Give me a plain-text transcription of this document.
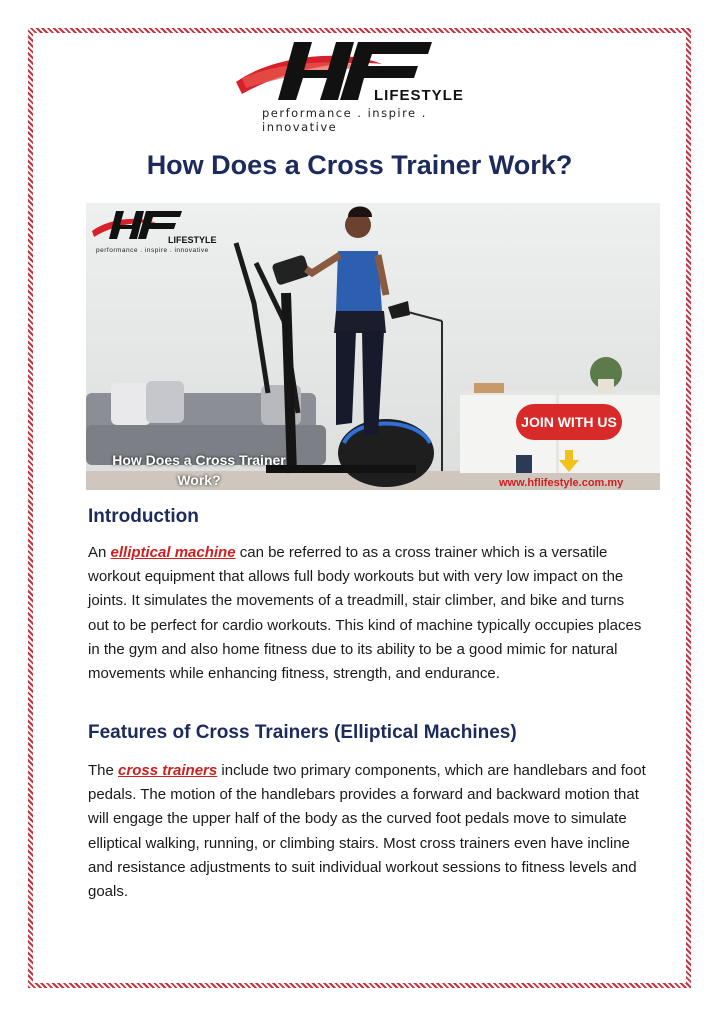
LIFESTYLE
performance . inspire . innovative
How Does a Cross Trainer Work?
LIFESTYLE
performance . inspire . innovative
How Does a Cross Trainer
Work?
JOIN WITH US
www.hflifestyle.com.my
Introduction

An elliptical machine can be referred to as a cross trainer which is a versatile workout equipment that allows full body workouts but with very low impact on the joints. It simulates the movements of a treadmill, stair climber, and bike and turns out to be perfect for cardio workouts. This kind of machine typically occupies places in the gym and also home fitness due to its ability to be a good mimic for natural movements while enhancing fitness, strength, and endurance.

Features of Cross Trainers (Elliptical Machines)

The cross trainers include two primary components, which are handlebars and foot pedals. The motion of the handlebars provides a forward and backward motion that will engage the upper half of the body as the curved foot pedals move to simulate elliptical walking, running, or climbing stairs. Most cross trainers even have incline and resistance adjustments to suit individual workout sessions to fitness levels and goals.
